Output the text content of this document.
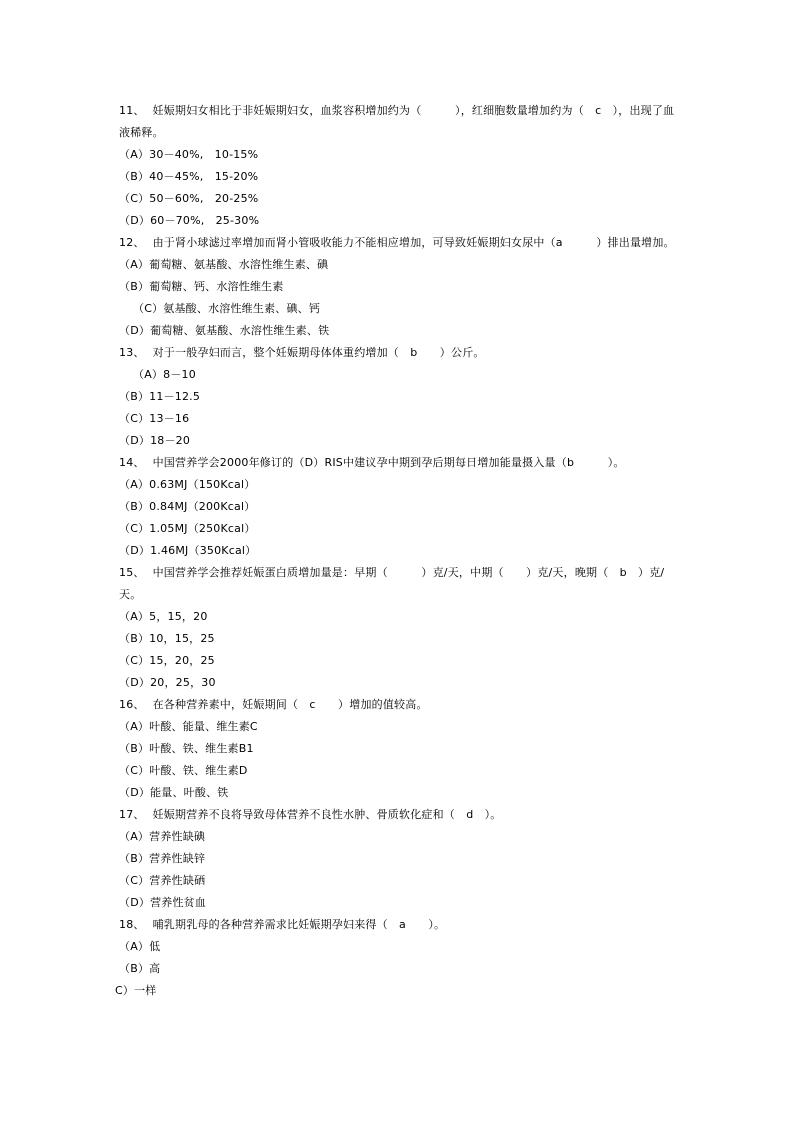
11、 妊娠期妇女相比于非妊娠期妇女，血浆容积增加约为（　　　），红细胞数量增加约为（　c　），出现了血液稀释。
（A）30－40%,　10-15%
（B）40－45%,　15-20%
（C）50－60%,　20-25%
（D）60－70%,　25-30%
12、 由于肾小球滤过率增加而肾小管吸收能力不能相应增加，可导致妊娠期妇女尿中（a　　　）排出量增加。
（A）葡萄糖、氨基酸、水溶性维生素、碘
（B）葡萄糖、钙、水溶性维生素
（C）氨基酸、水溶性维生素、碘、钙
（D）葡萄糖、氨基酸、水溶性维生素、铁
13、 对于一般孕妇而言，整个妊娠期母体体重约增加（　b　　）公斤。
（A）8－10
（B）11－12.5
（C）13－16
（D）18－20
14、 中国营养学会2000年修订的（D）RIS中建议孕中期到孕后期每日增加能量摄入量（b　　　）。
（A）0.63MJ（150Kcal）
（B）0.84MJ（200Kcal）
（C）1.05MJ（250Kcal）
（D）1.46MJ（350Kcal）
15、 中国营养学会推荐妊娠蛋白质增加量是：早期（　　　）克/天，中期（　　）克/天，晚期（　b　）克/天。
（A）5，15，20
（B）10，15，25
（C）15，20，25
（D）20，25，30
16、 在各种营养素中，妊娠期间（　c　　）增加的值较高。
（A）叶酸、能量、维生素C
（B）叶酸、铁、维生素B1
（C）叶酸、铁、维生素D
（D）能量、叶酸、铁
17、 妊娠期营养不良将导致母体营养不良性水肿、骨质软化症和（　d　）。
（A）营养性缺碘
（B）营养性缺锌
（C）营养性缺硒
（D）营养性贫血
18、 哺乳期乳母的各种营养需求比妊娠期孕妇来得（　a　　）。
（A）低
（B）高
C）一样
